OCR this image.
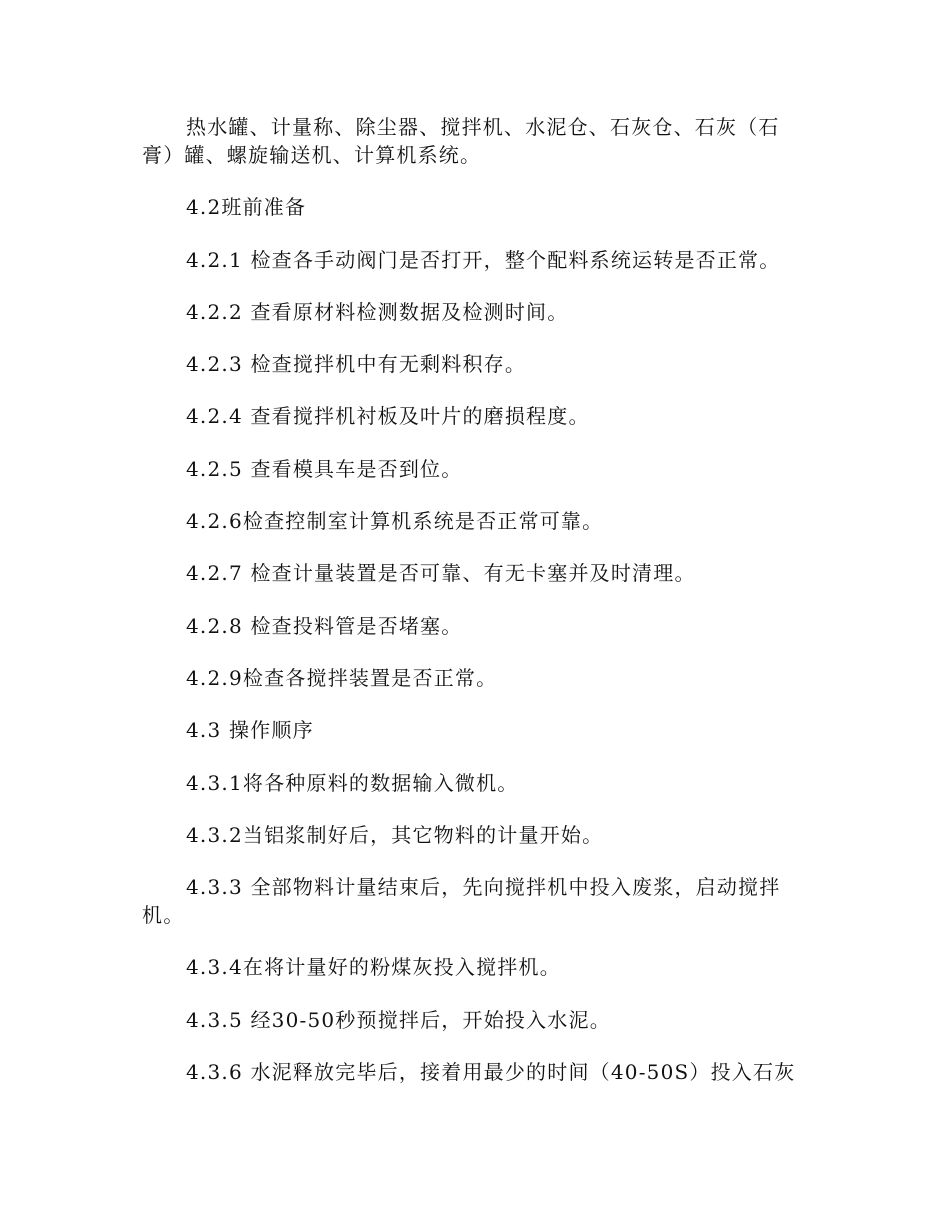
热水罐、计量称、除尘器、搅拌机、水泥仓、石灰仓、石灰（石膏）罐、螺旋输送机、计算机系统。

4.2班前准备

4.2.1 检查各手动阀门是否打开，整个配料系统运转是否正常。

4.2.2 查看原材料检测数据及检测时间。

4.2.3 检查搅拌机中有无剩料积存。

4.2.4 查看搅拌机衬板及叶片的磨损程度。

4.2.5 查看模具车是否到位。

4.2.6检查控制室计算机系统是否正常可靠。

4.2.7 检查计量装置是否可靠、有无卡塞并及时清理。

4.2.8 检查投料管是否堵塞。

4.2.9检查各搅拌装置是否正常。

4.3 操作顺序

4.3.1将各种原料的数据输入微机。

4.3.2当铝浆制好后，其它物料的计量开始。

4.3.3 全部物料计量结束后，先向搅拌机中投入废浆，启动搅拌机。

4.3.4在将计量好的粉煤灰投入搅拌机。

4.3.5 经30-50秒预搅拌后，开始投入水泥。

4.3.6 水泥释放完毕后，接着用最少的时间（40-50S）投入石灰
